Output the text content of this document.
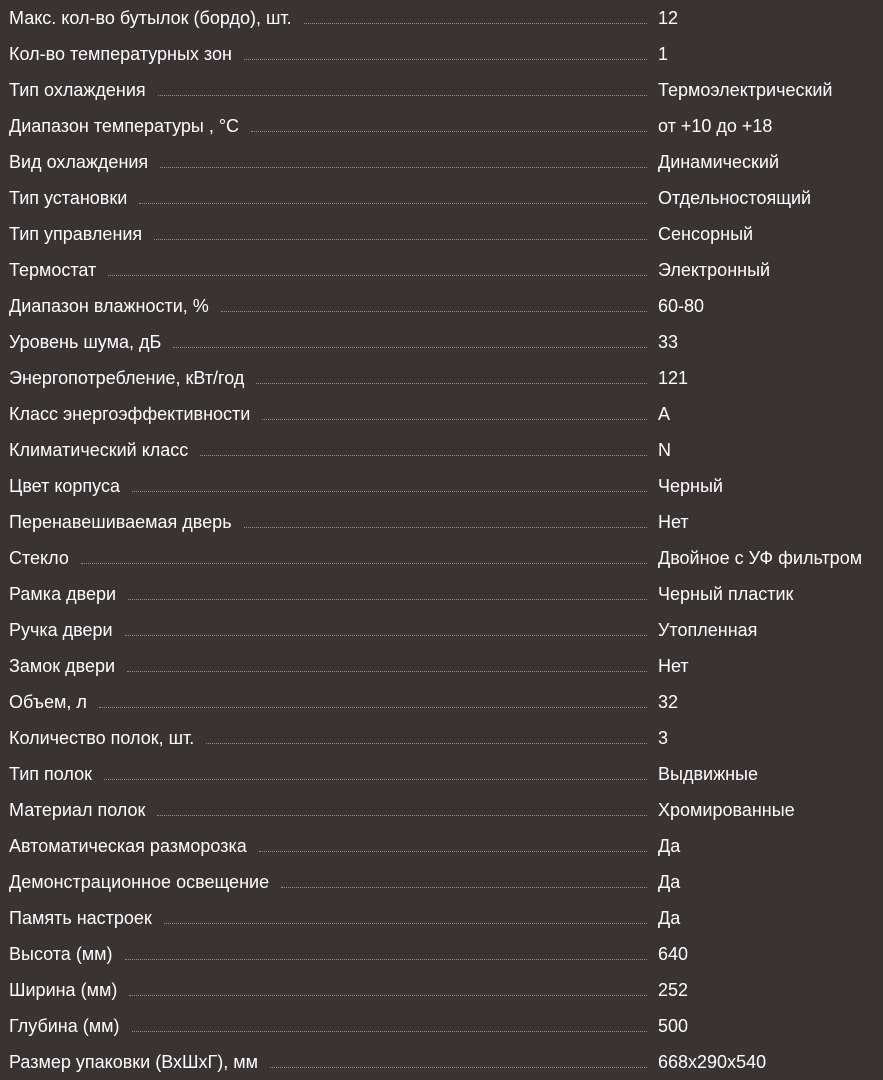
Макс. кол-во бутылок (бордо), шт.	12
Кол-во температурных зон	1
Тип охлаждения	Термоэлектрический
Диапазон температуры , °С	от +10 до +18
Вид охлаждения	Динамический
Тип установки	Отдельностоящий
Тип управления	Сенсорный
Термостат	Электронный
Диапазон влажности, %	60-80
Уровень шума, дБ	33
Энергопотребление, кВт/год	121
Класс энергоэффективности	A
Климатический класс	N
Цвет корпуса	Черный
Перенавешиваемая дверь	Нет
Стекло	Двойное с УФ фильтром
Рамка двери	Черный пластик
Ручка двери	Утопленная
Замок двери	Нет
Объем, л	32
Количество полок, шт.	3
Тип полок	Выдвижные
Материал полок	Хромированные
Автоматическая разморозка	Да
Демонстрационное освещение	Да
Память настроек	Да
Высота (мм)	640
Ширина (мм)	252
Глубина (мм)	500
Размер упаковки (ВхШхГ), мм	668x290x540
